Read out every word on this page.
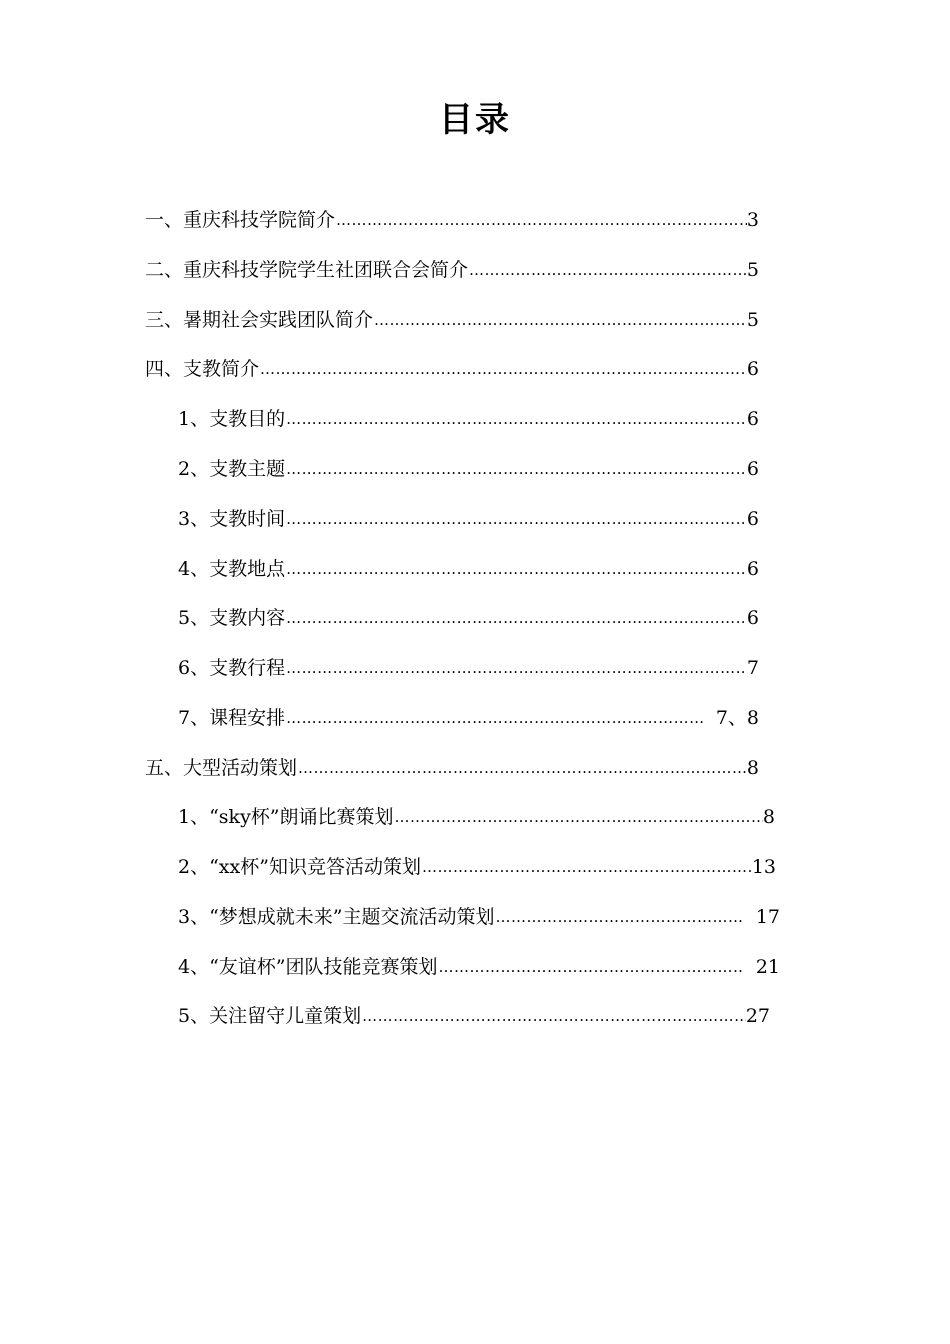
目录
一、重庆科技学院简介 …………………………………………………………………………………………………………………………………………	3
二、重庆科技学院学生社团联合会简介 …………………………………………………………………………………………………………………………………………	5
三、暑期社会实践团队简介 …………………………………………………………………………………………………………………………………………	5
四、支教简介 …………………………………………………………………………………………………………………………………………	6
1、支教目的 …………………………………………………………………………………………………………………………………………	6
2、支教主题 …………………………………………………………………………………………………………………………………………	6
3、支教时间 …………………………………………………………………………………………………………………………………………	6
4、支教地点 …………………………………………………………………………………………………………………………………………	6
5、支教内容 …………………………………………………………………………………………………………………………………………	6
6、支教行程 …………………………………………………………………………………………………………………………………………	7
7、课程安排 …………………………………………………………………………………………………………………………………………	7、8
五、大型活动策划 …………………………………………………………………………………………………………………………………………	8
1、“sky杯”朗诵比赛策划 …………………………………………………………………………………………………………………………………………	8
2、“xx杯”知识竞答活动策划 …………………………………………………………………………………………………………………………………………	13
3、“梦想成就未来”主题交流活动策划 …………………………………………………………………………………………………………………………………………	17
4、“友谊杯”团队技能竞赛策划 …………………………………………………………………………………………………………………………………………	21
5、关注留守儿童策划 …………………………………………………………………………………………………………………………………………	27
